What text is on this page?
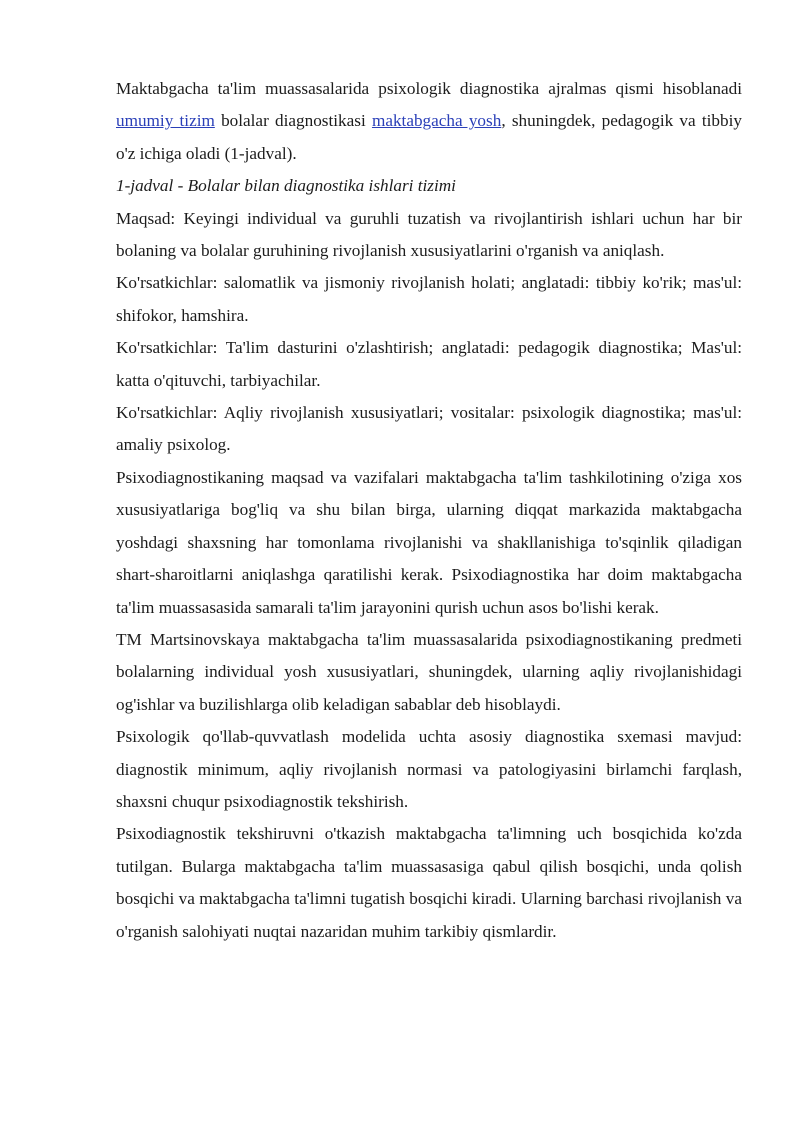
Maktabgacha ta'lim muassasalarida psixologik diagnostika ajralmas qismi hisoblanadi umumiy tizim bolalar diagnostikasi maktabgacha yosh, shuningdek, pedagogik va tibbiy o'z ichiga oladi (1-jadval).

1-jadval - Bolalar bilan diagnostika ishlari tizimi

Maqsad: Keyingi individual va guruhli tuzatish va rivojlantirish ishlari uchun har bir bolaning va bolalar guruhining rivojlanish xususiyatlarini o'rganish va aniqlash.

Ko'rsatkichlar: salomatlik va jismoniy rivojlanish holati; anglatadi: tibbiy ko'rik; mas'ul: shifokor, hamshira.

Ko'rsatkichlar: Ta'lim dasturini o'zlashtirish; anglatadi: pedagogik diagnostika; Mas'ul: katta o'qituvchi, tarbiyachilar.

Ko'rsatkichlar: Aqliy rivojlanish xususiyatlari; vositalar: psixologik diagnostika; mas'ul: amaliy psixolog.

Psixodiagnostikaning maqsad va vazifalari maktabgacha ta'lim tashkilotining o'ziga xos xususiyatlariga bog'liq va shu bilan birga, ularning diqqat markazida maktabgacha yoshdagi shaxsning har tomonlama rivojlanishi va shakllanishiga to'sqinlik qiladigan shart-sharoitlarni aniqlashga qaratilishi kerak. Psixodiagnostika har doim maktabgacha ta'lim muassasasida samarali ta'lim jarayonini qurish uchun asos bo'lishi kerak.

TM Martsinovskaya maktabgacha ta'lim muassasalarida psixodiagnostikaning predmeti bolalarning individual yosh xususiyatlari, shuningdek, ularning aqliy rivojlanishidagi og'ishlar va buzilishlarga olib keladigan sabablar deb hisoblaydi.

Psixologik qo'llab-quvvatlash modelida uchta asosiy diagnostika sxemasi mavjud: diagnostik minimum, aqliy rivojlanish normasi va patologiyasini birlamchi farqlash, shaxsni chuqur psixodiagnostik tekshirish.

Psixodiagnostik tekshiruvni o'tkazish maktabgacha ta'limning uch bosqichida ko'zda tutilgan. Bularga maktabgacha ta'lim muassasasiga qabul qilish bosqichi, unda qolish bosqichi va maktabgacha ta'limni tugatish bosqichi kiradi. Ularning barchasi rivojlanish va o'rganish salohiyati nuqtai nazaridan muhim tarkibiy qismlardir.
